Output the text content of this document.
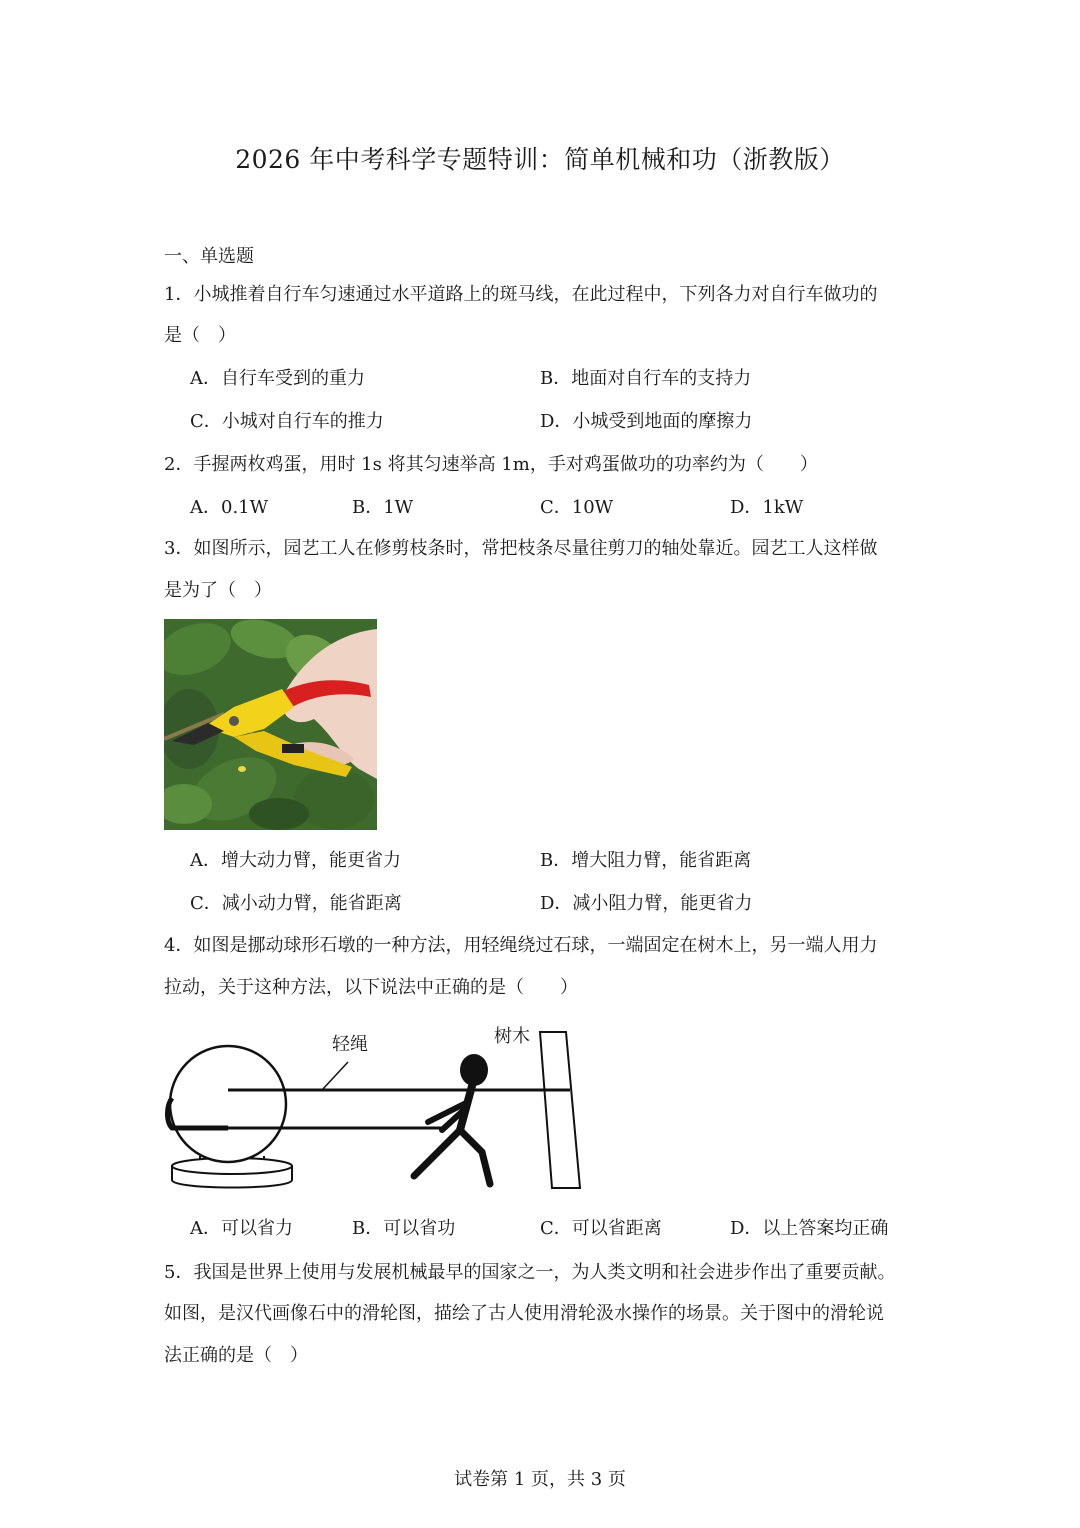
2026 年中考科学专题特训：简单机械和功（浙教版）
一、单选题
1．小城推着自行车匀速通过水平道路上的斑马线，在此过程中，下列各力对自行车做功的
是（　）
A．自行车受到的重力	B．地面对自行车的支持力
C．小城对自行车的推力	D．小城受到地面的摩擦力
2．手握两枚鸡蛋，用时 1s 将其匀速举高 1m，手对鸡蛋做功的功率约为（　　）
A．0.1W	B．1W	C．10W	D．1kW
3．如图所示，园艺工人在修剪枝条时，常把枝条尽量往剪刀的轴处靠近。园艺工人这样做
是为了（　）
A．增大动力臂，能更省力	B．增大阻力臂，能省距离
C．减小动力臂，能省距离	D．减小阻力臂，能更省力
4．如图是挪动球形石墩的一种方法，用轻绳绕过石球，一端固定在树木上，另一端人用力
拉动，关于这种方法，以下说法中正确的是（　　）
轻绳	树木
A．可以省力	B．可以省功	C．可以省距离	D．以上答案均正确
5．我国是世界上使用与发展机械最早的国家之一，为人类文明和社会进步作出了重要贡献。
如图，是汉代画像石中的滑轮图，描绘了古人使用滑轮汲水操作的场景。关于图中的滑轮说
法正确的是（　）
试卷第 1 页，共 3 页
